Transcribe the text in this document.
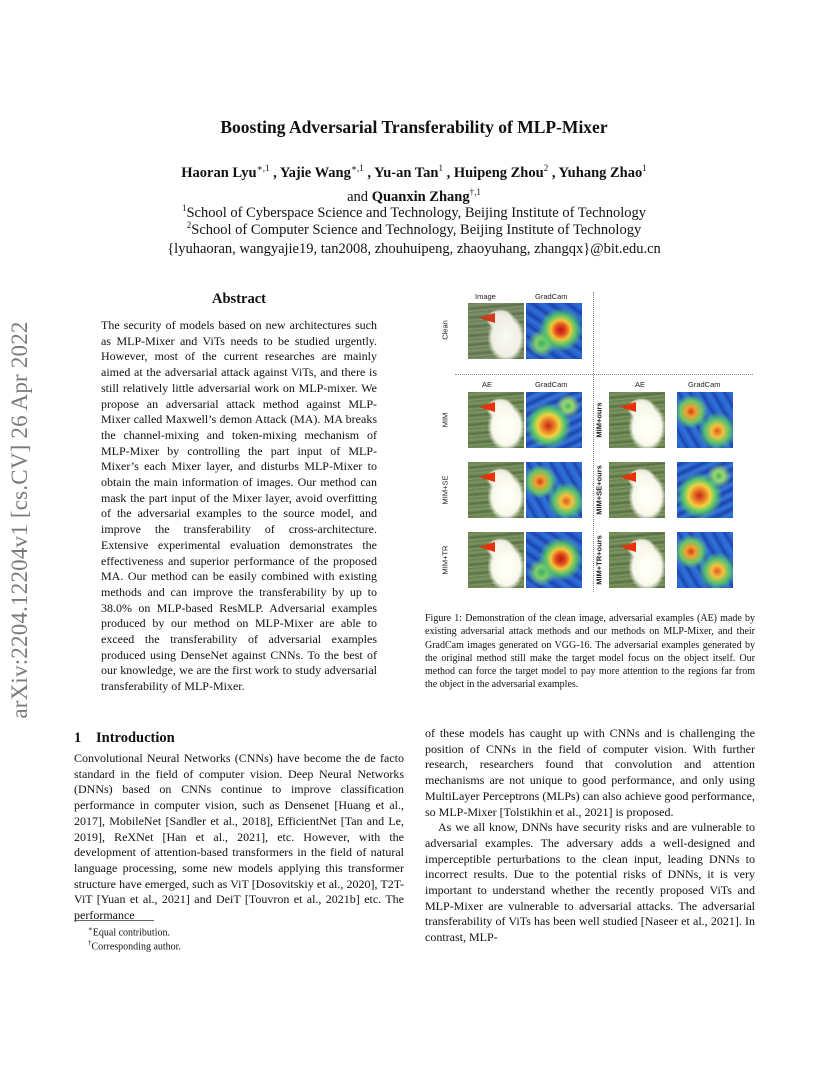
arXiv:2204.12204v1 [cs.CV] 26 Apr 2022
Boosting Adversarial Transferability of MLP-Mixer
Haoran Lyu$^{∗,1}$ , Yajie Wang$^{∗,1}$ , Yu-an Tan$^1$ , Huipeng Zhou$^2$ , Yuhang Zhao$^1$
and Quanxin Zhang$^{\dagger,1}$
$^1$School of Cyberspace Science and Technology, Beijing Institute of Technology
$^2$School of Computer Science and Technology, Beijing Institute of Technology
{lyuhaoran, wangyajie19, tan2008, zhouhuipeng, zhaoyuhang, zhangqx}@bit.edu.cn
Abstract
The security of models based on new architectures such as MLP-Mixer and ViTs needs to be studied urgently. However, most of the current researches are mainly aimed at the adversarial attack against ViTs, and there is still relatively little adversarial work on MLP-mixer. We propose an adversarial attack method against MLP-Mixer called Maxwell’s demon Attack (MA). MA breaks the channel-mixing and token-mixing mechanism of MLP-Mixer by controlling the part input of MLP-Mixer’s each Mixer layer, and disturbs MLP-Mixer to obtain the main information of images. Our method can mask the part input of the Mixer layer, avoid overfitting of the adversarial examples to the source model, and improve the transferability of cross-architecture. Extensive experimental evaluation demonstrates the effectiveness and superior performance of the proposed MA. Our method can be easily combined with existing methods and can improve the transferability by up to 38.0% on MLP-based ResMLP. Adversarial examples produced by our method on MLP-Mixer are able to exceed the transferability of adversarial examples produced using DenseNet against CNNs. To the best of our knowledge, we are the first work to study adversarial transferability of MLP-Mixer.
1 Introduction

Convolutional Neural Networks (CNNs) have become the de facto standard in the field of computer vision. Deep Neural Networks (DNNs) based on CNNs continue to improve classification performance in computer vision, such as Densenet [Huang et al., 2017], MobileNet [Sandler et al., 2018], EfficientNet [Tan and Le, 2019], ReXNet [Han et al., 2021], etc. However, with the development of attention-based transformers in the field of natural language processing, some new models applying this transformer structure have emerged, such as ViT [Dosovitskiy et al., 2020], T2T-ViT [Yuan et al., 2021] and DeiT [Touvron et al., 2021b] etc. The performance

∗Equal contribution.
†Corresponding author.
Image	GradCam
Clean
AE	GradCam	AE	GradCam
MIM	MIM+ours
MIM+SE	MIM+SE+ours
MIM+TR	MIM+TR+ours
Figure 1: Demonstration of the clean image, adversarial examples (AE) made by existing adversarial attack methods and our methods on MLP-Mixer, and their GradCam images generated on VGG-16. The adversarial examples generated by the original method still make the target model focus on the object itself. Our method can force the target model to pay more attention to the regions far from the object in the adversarial examples.

of these models has caught up with CNNs and is challenging the position of CNNs in the field of computer vision. With further research, researchers found that convolution and attention mechanisms are not unique to good performance, and only using MultiLayer Perceptrons (MLPs) can also achieve good performance, so MLP-Mixer [Tolstikhin et al., 2021] is proposed.

As we all know, DNNs have security risks and are vulnerable to adversarial examples. The adversary adds a well-designed and imperceptible perturbations to the clean input, leading DNNs to incorrect results. Due to the potential risks of DNNs, it is very important to understand whether the recently proposed ViTs and MLP-Mixer are vulnerable to adversarial attacks. The adversarial transferability of ViTs has been well studied [Naseer et al., 2021]. In contrast, MLP-
